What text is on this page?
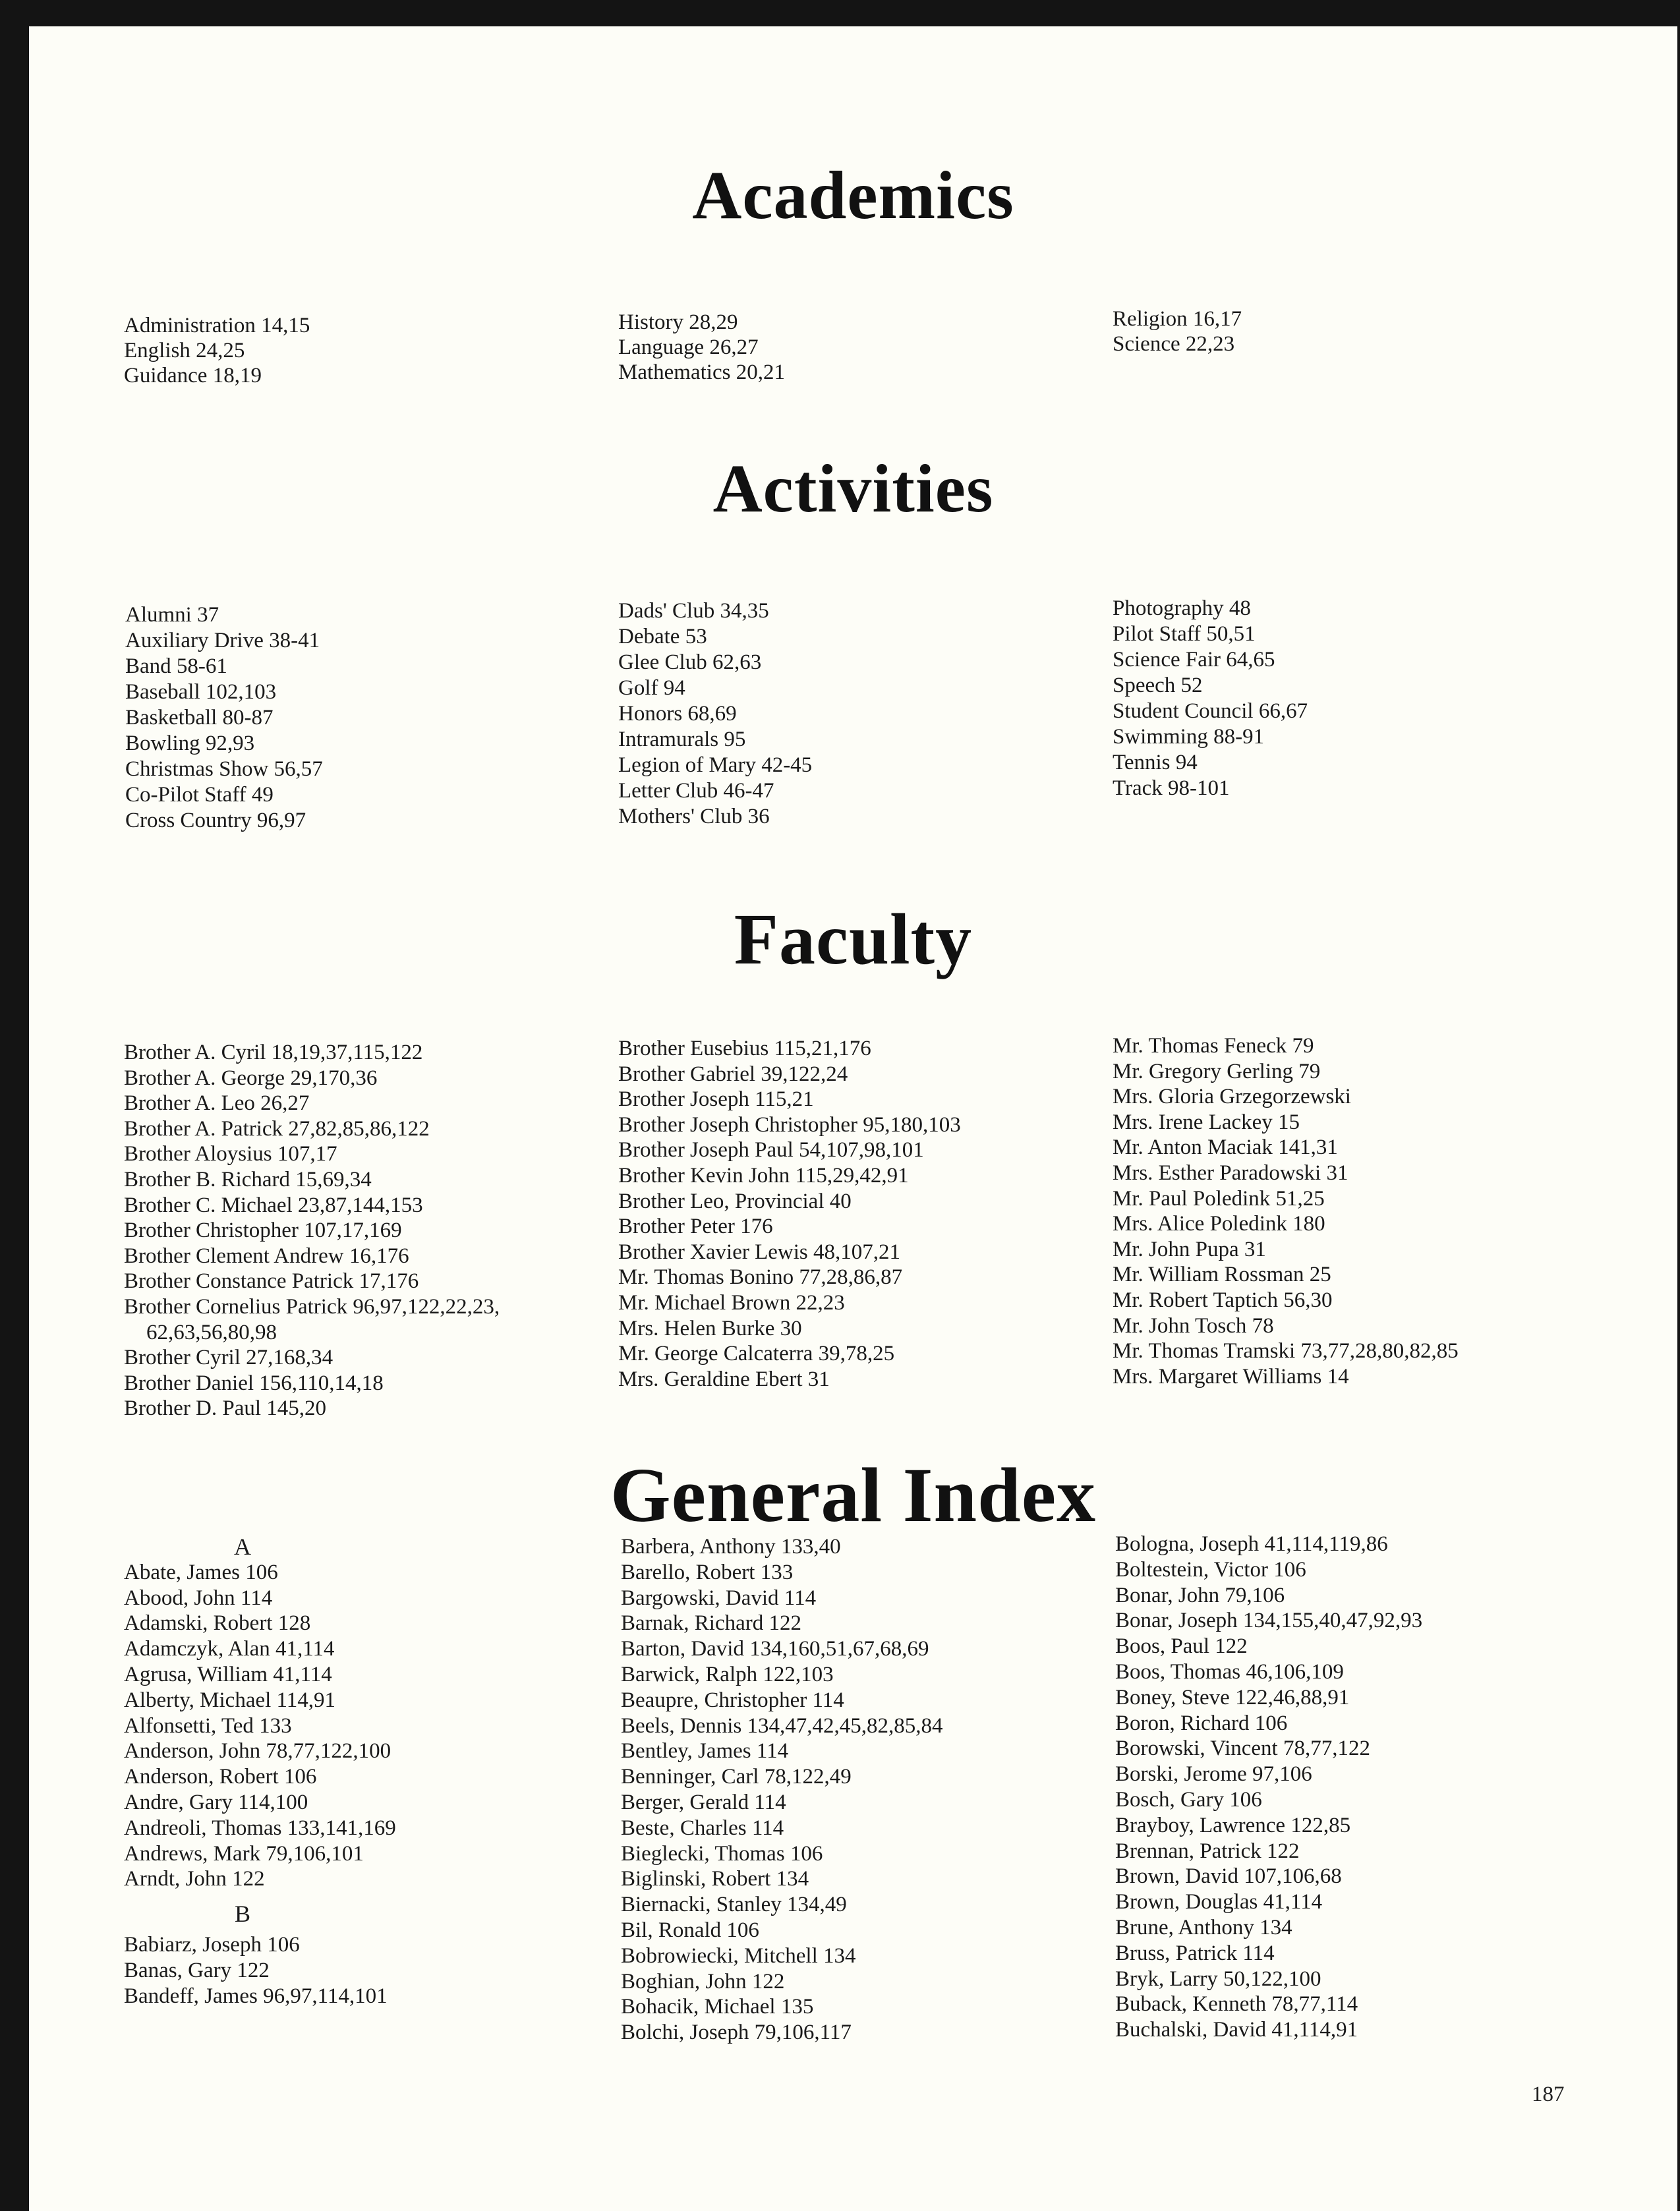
Academics
Administration 14,15
English 24,25
Guidance 18,19
History 28,29
Language 26,27
Mathematics 20,21
Religion 16,17
Science 22,23
Activities
Alumni 37
Auxiliary Drive 38-41
Band 58-61
Baseball 102,103
Basketball 80-87
Bowling 92,93
Christmas Show 56,57
Co-Pilot Staff 49
Cross Country 96,97
Dads' Club 34,35
Debate 53
Glee Club 62,63
Golf 94
Honors 68,69
Intramurals 95
Legion of Mary 42-45
Letter Club 46-47
Mothers' Club 36
Photography 48
Pilot Staff 50,51
Science Fair 64,65
Speech 52
Student Council 66,67
Swimming 88-91
Tennis 94
Track 98-101
Faculty
Brother A. Cyril 18,19,37,115,122
Brother A. George 29,170,36
Brother A. Leo 26,27
Brother A. Patrick 27,82,85,86,122
Brother Aloysius 107,17
Brother B. Richard 15,69,34
Brother C. Michael 23,87,144,153
Brother Christopher 107,17,169
Brother Clement Andrew 16,176
Brother Constance Patrick 17,176
Brother Cornelius Patrick 96,97,122,22,23, 62,63,56,80,98
Brother Cyril 27,168,34
Brother Daniel 156,110,14,18
Brother D. Paul 145,20
Brother Eusebius 115,21,176
Brother Gabriel 39,122,24
Brother Joseph 115,21
Brother Joseph Christopher 95,180,103
Brother Joseph Paul 54,107,98,101
Brother Kevin John 115,29,42,91
Brother Leo, Provincial 40
Brother Peter 176
Brother Xavier Lewis 48,107,21
Mr. Thomas Bonino 77,28,86,87
Mr. Michael Brown 22,23
Mrs. Helen Burke 30
Mr. George Calcaterra 39,78,25
Mrs. Geraldine Ebert 31
Mr. Thomas Feneck 79
Mr. Gregory Gerling 79
Mrs. Gloria Grzegorzewski
Mrs. Irene Lackey 15
Mr. Anton Maciak 141,31
Mrs. Esther Paradowski 31
Mr. Paul Poledink 51,25
Mrs. Alice Poledink 180
Mr. John Pupa 31
Mr. William Rossman 25
Mr. Robert Taptich 56,30
Mr. John Tosch 78
Mr. Thomas Tramski 73,77,28,80,82,85
Mrs. Margaret Williams 14
General Index
A
Abate, James 106
Abood, John 114
Adamski, Robert 128
Adamczyk, Alan 41,114
Agrusa, William 41,114
Alberty, Michael 114,91
Alfonsetti, Ted 133
Anderson, John 78,77,122,100
Anderson, Robert 106
Andre, Gary 114,100
Andreoli, Thomas 133,141,169
Andrews, Mark 79,106,101
Arndt, John 122
B
Babiarz, Joseph 106
Banas, Gary 122
Bandeff, James 96,97,114,101
Barbera, Anthony 133,40
Barello, Robert 133
Bargowski, David 114
Barnak, Richard 122
Barton, David 134,160,51,67,68,69
Barwick, Ralph 122,103
Beaupre, Christopher 114
Beels, Dennis 134,47,42,45,82,85,84
Bentley, James 114
Benninger, Carl 78,122,49
Berger, Gerald 114
Beste, Charles 114
Bieglecki, Thomas 106
Biglinski, Robert 134
Biernacki, Stanley 134,49
Bil, Ronald 106
Bobrowiecki, Mitchell 134
Boghian, John 122
Bohacik, Michael 135
Bolchi, Joseph 79,106,117
Bologna, Joseph 41,114,119,86
Boltestein, Victor 106
Bonar, John 79,106
Bonar, Joseph 134,155,40,47,92,93
Boos, Paul 122
Boos, Thomas 46,106,109
Boney, Steve 122,46,88,91
Boron, Richard 106
Borowski, Vincent 78,77,122
Borski, Jerome 97,106
Bosch, Gary 106
Brayboy, Lawrence 122,85
Brennan, Patrick 122
Brown, David 107,106,68
Brown, Douglas 41,114
Brune, Anthony 134
Bruss, Patrick 114
Bryk, Larry 50,122,100
Buback, Kenneth 78,77,114
Buchalski, David 41,114,91
187
